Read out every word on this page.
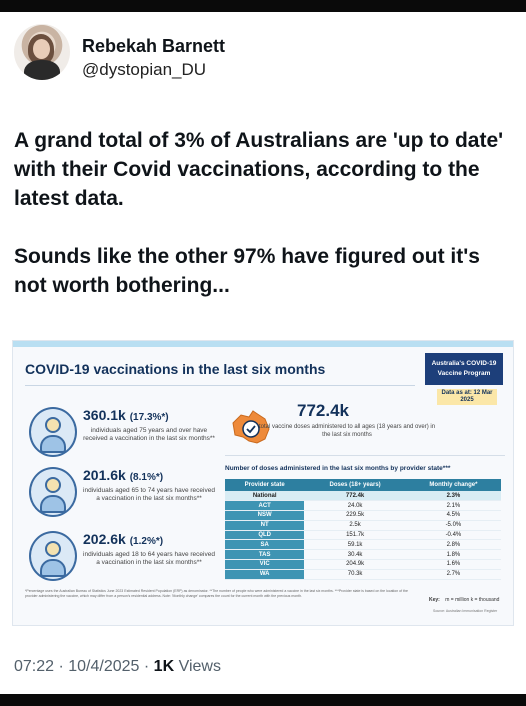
Rebekah Barnett
@dystopian_DU

A grand total of 3% of Australians are 'up to date' with their Covid vaccinations, according to the latest data.

Sounds like the other 97% have figured out it's not worth bothering...

COVID-19 vaccinations in the last six months	Australia's COVID-19 Vaccine Program
Data as at: 12 Mar 2025
360.1k (17.3%*)
individuals aged 75 years and over have received a vaccination in the last six months**
201.6k (8.1%*)
individuals aged 65 to 74 years have received a vaccination in the last six months**
202.6k (1.2%*)
individuals aged 18 to 64 years have received a vaccination in the last six months**
772.4k
total vaccine doses administered to all ages (18 years and over) in the last six months
Number of doses administered in the last six months by provider state***
Provider state	Doses (18+ years)	Monthly change*
National	772.4k	2.3%
ACT	24.0k	2.1%
NSW	229.5k	4.5%
NT	2.5k	-5.0%
QLD	151.7k	-0.4%
SA	59.1k	2.8%
TAS	30.4k	1.8%
VIC	204.9k	1.6%
WA	70.3k	2.7%
*Percentage uses the Australian Bureau of Statistics June 2023 Estimated Resident Population (ERP) as denominator. **The number of people who were administered a vaccine in the last six months. ***Provider state is based on the location of the provider administering the vaccine, which may differ from a person's residential address. Note: 'Monthly change' compares the count for the current month with the previous month.
Key: m = million k = thousand
Source: Australian Immunisation Register
07:22 · 10/4/2025 · 1K Views
